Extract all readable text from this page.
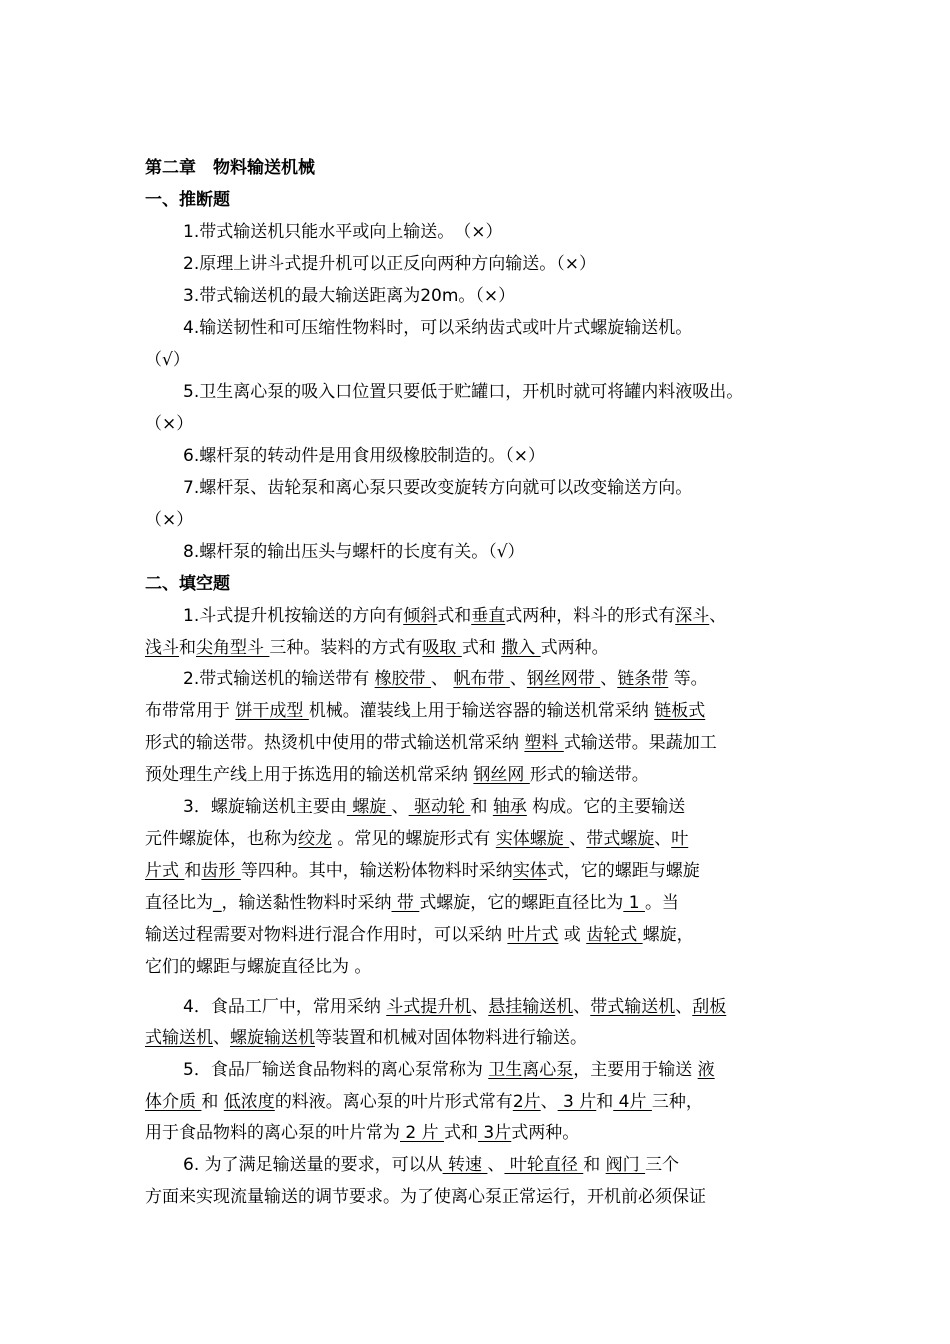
第二章　物料输送机械
一、推断题
1.带式输送机只能水平或向上输送。　（×）
2.原理上讲斗式提升机可以正反向两种方向输送。（×）
3.带式输送机的最大输送距离为20m。（×）
4.输送韧性和可压缩性物料时，可以采纳齿式或叶片式螺旋输送机。
（√）
5.卫生离心泵的吸入口位置只要低于贮罐口，开机时就可将罐内料液吸出。
（×）
6.螺杆泵的转动件是用食用级橡胶制造的。（×）
7.螺杆泵、齿轮泵和离心泵只要改变旋转方向就可以改变输送方向。
（×）
8.螺杆泵的输出压头与螺杆的长度有关。（√）
二、填空题
1.斗式提升机按输送的方向有倾斜式和垂直式两种，料斗的形式有深斗、
浅斗和尖角型斗 三种。装料的方式有吸取 式和 撒入 式两种。
2.带式输送机的输送带有 橡胶带 、 帆布带 、钢丝网带 、链条带 等。
布带常用于 饼干成型 机械。灌装线上用于输送容器的输送机常采纳 链板式
形式的输送带。热烫机中使用的带式输送机常采纳 塑料 式输送带。果蔬加工
预处理生产线上用于拣选用的输送机常采纳 钢丝网 形式的输送带。
3．螺旋输送机主要由 螺旋 、 驱动轮 和 轴承 构成。它的主要输送
元件螺旋体，也称为绞龙 。常见的螺旋形式有 实体螺旋 、带式螺旋、叶
片式 和齿形 等四种。其中，输送粉体物料时采纳实体式，它的螺距与螺旋
直径比为_，输送黏性物料时采纳 带 式螺旋，它的螺距直径比为 1 。当
输送过程需要对物料进行混合作用时，可以采纳 叶片式 或 齿轮式 螺旋，
它们的螺距与螺旋直径比为 。
4．食品工厂中，常用采纳 斗式提升机、悬挂输送机、带式输送机、刮板
式输送机、螺旋输送机等装置和机械对固体物料进行输送。
5．食品厂输送食品物料的离心泵常称为 卫生离心泵，主要用于输送 液
体介质 和 低浓度的料液。离心泵的叶片形式常有2片、 3 片和 4片 三种，
用于食品物料的离心泵的叶片常为 2 片 式和 3片式两种。
6. 为了满足输送量的要求，可以从 转速 、 叶轮直径 和 阀门 三个
方面来实现流量输送的调节要求。为了使离心泵正常运行，开机前必须保证
